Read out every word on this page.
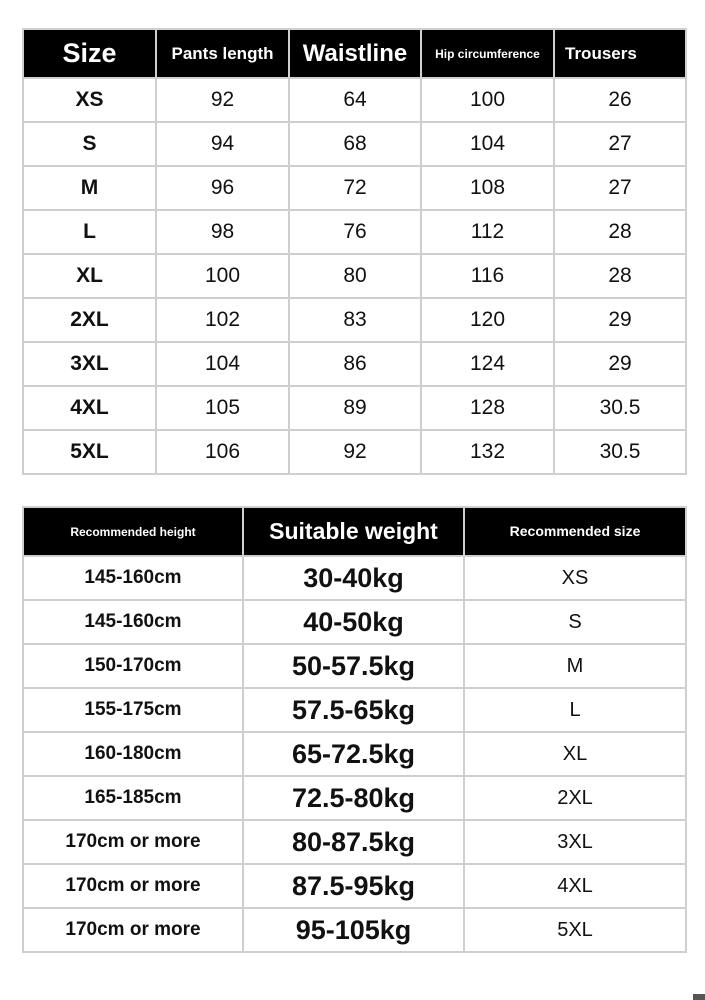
Size	Pants length	Waistline	Hip circumference	Trousers
XS	92	64	100	26
S	94	68	104	27
M	96	72	108	27
L	98	76	112	28
XL	100	80	116	28
2XL	102	83	120	29
3XL	104	86	124	29
4XL	105	89	128	30.5
5XL	106	92	132	30.5
Recommended height	Suitable weight	Recommended size
145-160cm	30-40kg	XS
145-160cm	40-50kg	S
150-170cm	50-57.5kg	M
155-175cm	57.5-65kg	L
160-180cm	65-72.5kg	XL
165-185cm	72.5-80kg	2XL
170cm or more	80-87.5kg	3XL
170cm or more	87.5-95kg	4XL
170cm or more	95-105kg	5XL
